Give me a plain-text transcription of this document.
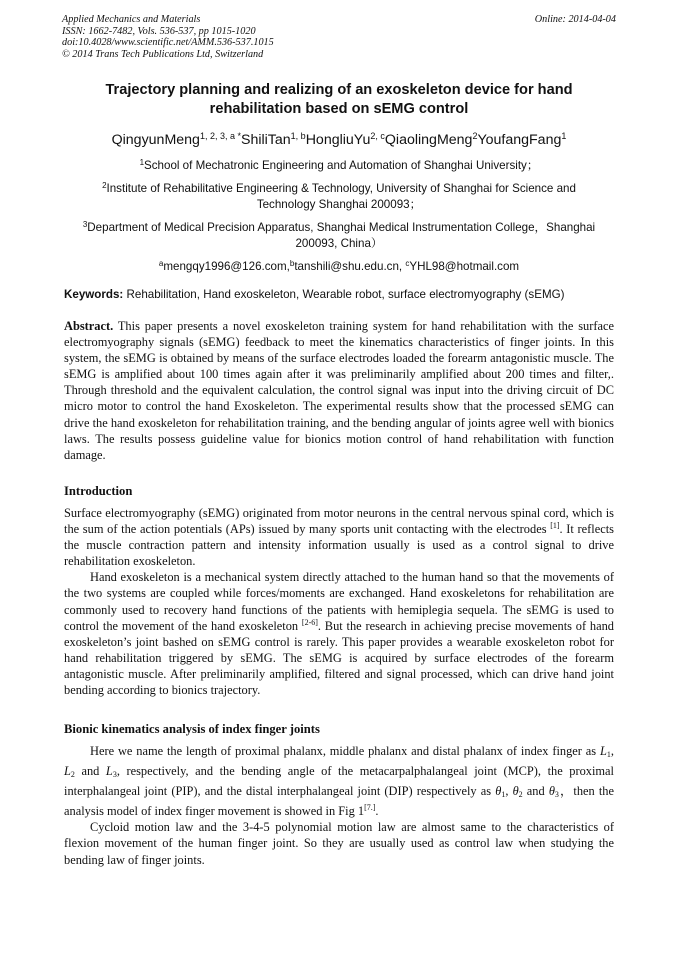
Applied Mechanics and Materials
ISSN: 1662-7482, Vols. 536-537, pp 1015-1020
doi:10.4028/www.scientific.net/AMM.536-537.1015
© 2014 Trans Tech Publications Ltd, Switzerland
Online: 2014-04-04
Trajectory planning and realizing of an exoskeleton device for hand
rehabilitation based on sEMG control
QingyunMeng$^{1, 2, 3, a *}$ShiliTan$^{1, b}$HongliuYu$^{2, c}$QiaolingMeng$^2$YoufangFang$^1$
$^1$School of Mechatronic Engineering and Automation of Shanghai University；
$^2$Institute of Rehabilitative Engineering & Technology, University of Shanghai for Science and
Technology Shanghai 200093；
$^3$Department of Medical Precision Apparatus, Shanghai Medical Instrumentation College，Shanghai
200093, China）
$^a$mengqy1996@126.com,$^b$tanshili@shu.edu.cn, $^c$YHL98@hotmail.com
Keywords: Rehabilitation, Hand exoskeleton, Wearable robot, surface electromyography (sEMG)

Abstract. This paper presents a novel exoskeleton training system for hand rehabilitation with the surface electromyography signals (sEMG) feedback to meet the kinematics characteristics of finger joints. In this system, the sEMG is obtained by means of the surface electrodes loaded the forearm antagonistic muscle. The sEMG is amplified about 100 times again after it was preliminarily amplified about 200 times and filter,. Through threshold and the equivalent calculation, the control signal was input into the driving circuit of DC micro motor to control the hand Exoskeleton. The experimental results show that the processed sEMG can drive the hand exoskeleton for rehabilitation training, and the bending angular of joints agree well with bionics laws. The results possess guideline value for bionics motion control of hand rehabilitation with function damage.

Introduction

Surface electromyography (sEMG) originated from motor neurons in the central nervous spinal cord, which is the sum of the action potentials (APs) issued by many sports unit contacting with the electrodes [1]. It reflects the muscle contraction pattern and intensity information usually is used as a control signal to drive rehabilitation exoskeleton.

Hand exoskeleton is a mechanical system directly attached to the human hand so that the movements of the two systems are coupled while forces/moments are exchanged. Hand exoskeletons for rehabilitation are commonly used to recovery hand functions of the patients with hemiplegia sequela. The sEMG is used to control the movement of the hand exoskeleton [2-6]. But the research in achieving precise movements of hand exoskeleton’s joint bashed on sEMG control is rarely. This paper provides a wearable exoskeleton robot for hand rehabilitation triggered by sEMG. The sEMG is acquired by surface electrodes of the forearm antagonistic muscle. After preliminarily amplified, filtered and signal processed, which can drive hand joint bending according to bionics trajectory.

Bionic kinematics analysis of index finger joints

Here we name the length of proximal phalanx, middle phalanx and distal phalanx of index finger as $L_1$, $L_2$ and $L_3$, respectively, and the bending angle of the metacarpalphalangeal joint (MCP), the proximal interphalangeal joint (PIP), and the distal interphalangeal joint (DIP) respectively as $\theta_1$, $\theta_2$ and $\theta_3$，then the analysis model of index finger movement is showed in Fig 1[7.].

Cycloid motion law and the 3-4-5 polynomial motion law are almost same to the characteristics of flexion movement of the human finger joint. So they are usually used as control law when studying the bending law of finger joints.
